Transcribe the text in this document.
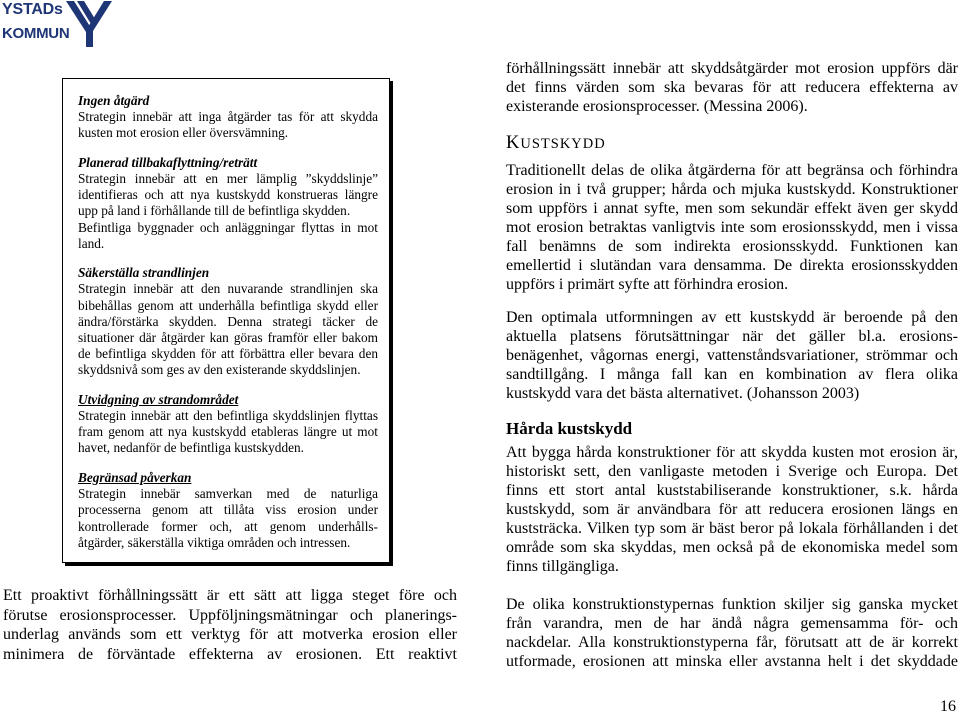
YSTADs
KOMMUN
Ingen åtgärd
Strategin innebär att inga åtgärder tas för att skydda
kusten mot erosion eller översvämning.
Planerad tillbakaflyttning/reträtt
Strategin innebär att en mer lämplig ”skyddslinje”
identifieras och att nya kustskydd konstrueras längre
upp på land i förhållande till de befintliga skydden.
Befintliga byggnader och anläggningar flyttas in mot
land.
Säkerställa strandlinjen
Strategin innebär att den nuvarande strandlinjen ska
bibehållas genom att underhålla befintliga skydd eller
ändra/förstärka skydden. Denna strategi täcker de
situationer där åtgärder kan göras framför eller bakom
de befintliga skydden för att förbättra eller bevara den
skyddsnivå som ges av den existerande skyddslinjen.
Utvidgning av strandområdet
Strategin innebär att den befintliga skyddslinjen flyttas
fram genom att nya kustskydd etableras längre ut mot
havet, nedanför de befintliga kustskydden.
Begränsad påverkan
Strategin innebär samverkan med de naturliga
processerna genom att tillåta viss erosion under
kontrollerade former och, att genom underhålls-
åtgärder, säkerställa viktiga områden och intressen.
Ett proaktivt förhållningssätt är ett sätt att ligga steget före och
förutse erosionsprocesser. Uppföljningsmätningar och planerings-
underlag används som ett verktyg för att motverka erosion eller
minimera de förväntade effekterna av erosionen. Ett reaktivt
förhållningssätt innebär att skyddsåtgärder mot erosion uppförs där
det finns värden som ska bevaras för att reducera effekterna av
existerande erosionsprocesser. (Messina 2006).
KUSTSKYDD
Traditionellt delas de olika åtgärderna för att begränsa och förhindra
erosion in i två grupper; hårda och mjuka kustskydd. Konstruktioner
som uppförs i annat syfte, men som sekundär effekt även ger skydd
mot erosion betraktas vanligtvis inte som erosionsskydd, men i vissa
fall benämns de som indirekta erosionsskydd. Funktionen kan
emellertid i slutändan vara densamma. De direkta erosionsskydden
uppförs i primärt syfte att förhindra erosion.
Den optimala utformningen av ett kustskydd är beroende på den
aktuella platsens förutsättningar när det gäller bl.a. erosions-
benägenhet, vågornas energi, vattenståndsvariationer, strömmar och
sandtillgång. I många fall kan en kombination av flera olika
kustskydd vara det bästa alternativet. (Johansson 2003)
Hårda kustskydd
Att bygga hårda konstruktioner för att skydda kusten mot erosion är,
historiskt sett, den vanligaste metoden i Sverige och Europa. Det
finns ett stort antal kuststabiliserande konstruktioner, s.k. hårda
kustskydd, som är användbara för att reducera erosionen längs en
kuststräcka. Vilken typ som är bäst beror på lokala förhållanden i det
område som ska skyddas, men också på de ekonomiska medel som
finns tillgängliga.
De olika konstruktionstypernas funktion skiljer sig ganska mycket
från varandra, men de har ändå några gemensamma för- och
nackdelar. Alla konstruktionstyperna får, förutsatt att de är korrekt
utformade, erosionen att minska eller avstanna helt i det skyddade
16
